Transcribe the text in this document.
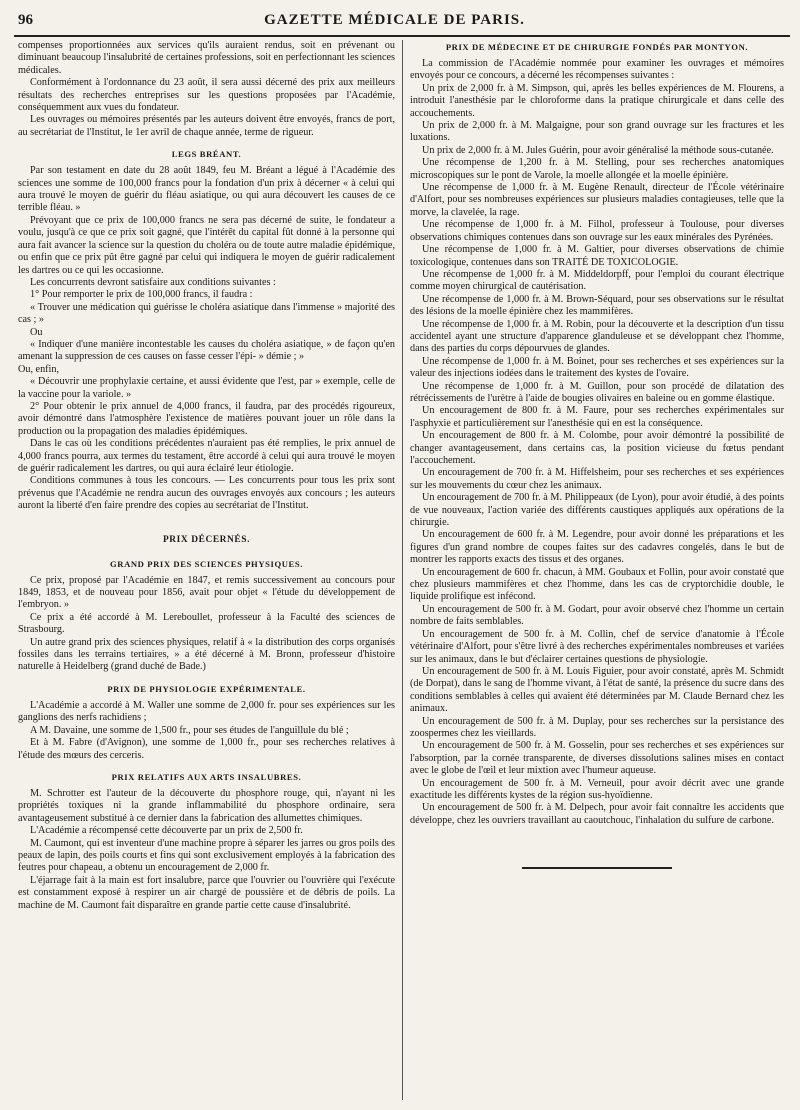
96	GAZETTE MÉDICALE DE PARIS.

compenses proportionnées aux services qu'ils auraient rendus, soit en prévenant ou diminuant beaucoup l'insalubrité de certaines professions, soit en perfectionnant les sciences médicales.

Conformément à l'ordonnance du 23 août, il sera aussi décerné des prix aux meilleurs résultats des recherches entreprises sur les questions proposées par l'Académie, conséquemment aux vues du fondateur.

Les ouvrages ou mémoires présentés par les auteurs doivent être envoyés, francs de port, au secrétariat de l'Institut, le 1er avril de chaque année, terme de rigueur.

LEGS BRÉANT.

Par son testament en date du 28 août 1849, feu M. Bréant a légué à l'Académie des sciences une somme de 100,000 francs pour la fondation d'un prix à décerner « à celui qui aura trouvé le moyen de guérir du fléau asiatique, ou qui aura découvert les causes de ce terrible fléau. »

Prévoyant que ce prix de 100,000 francs ne sera pas décerné de suite, le fondateur a voulu, jusqu'à ce que ce prix soit gagné, que l'intérêt du capital fût donné à la personne qui aura fait avancer la science sur la question du choléra ou de toute autre maladie épidémique, ou enfin que ce prix pût être gagné par celui qui indiquera le moyen de guérir radicalement les dartres ou ce qui les occasionne.

Les concurrents devront satisfaire aux conditions suivantes :

1° Pour remporter le prix de 100,000 francs, il faudra :

« Trouver une médication qui guérisse le choléra asiatique dans l'immense » majorité des cas ; »

Ou

« Indiquer d'une manière incontestable les causes du choléra asiatique, » de façon qu'en amenant la suppression de ces causes on fasse cesser l'épi- » démie ; »

Ou, enfin,

« Découvrir une prophylaxie certaine, et aussi évidente que l'est, par » exemple, celle de la vaccine pour la variole. »

2° Pour obtenir le prix annuel de 4,000 francs, il faudra, par des procédés rigoureux, avoir démontré dans l'atmosphère l'existence de matières pouvant jouer un rôle dans la production ou la propagation des maladies épidémiques.

Dans le cas où les conditions précédentes n'auraient pas été remplies, le prix annuel de 4,000 francs pourra, aux termes du testament, être accordé à celui qui aura trouvé le moyen de guérir radicalement les dartres, ou qui aura éclairé leur étiologie.

Conditions communes à tous les concours. — Les concurrents pour tous les prix sont prévenus que l'Académie ne rendra aucun des ouvrages envoyés aux concours ; les auteurs auront la liberté d'en faire prendre des copies au secrétariat de l'Institut.

PRIX DÉCERNÉS.
GRAND PRIX DES SCIENCES PHYSIQUES.

Ce prix, proposé par l'Académie en 1847, et remis successivement au concours pour 1849, 1853, et de nouveau pour 1856, avait pour objet « l'étude du développement de l'embryon. »

Ce prix a été accordé à M. Lereboullet, professeur à la Faculté des sciences de Strasbourg.

Un autre grand prix des sciences physiques, relatif à « la distribution des corps organisés fossiles dans les terrains tertiaires, » a été décerné à M. Bronn, professeur d'histoire naturelle à Heidelberg (grand duché de Bade.)

PRIX DE PHYSIOLOGIE EXPÉRIMENTALE.

L'Académie a accordé à M. Waller une somme de 2,000 fr. pour ses expériences sur les ganglions des nerfs rachidiens ;

A M. Davaine, une somme de 1,500 fr., pour ses études de l'anguillule du blé ;

Et à M. Fabre (d'Avignon), une somme de 1,000 fr., pour ses recherches relatives à l'étude des mœurs des cerceris.

PRIX RELATIFS AUX ARTS INSALUBRES.

M. Schrotter est l'auteur de la découverte du phosphore rouge, qui, n'ayant ni les propriétés toxiques ni la grande inflammabilité du phosphore ordinaire, sera avantageusement substitué à ce dernier dans la fabrication des allumettes chimiques.

L'Académie a récompensé cette découverte par un prix de 2,500 fr.

M. Caumont, qui est inventeur d'une machine propre à séparer les jarres ou gros poils des peaux de lapin, des poils courts et fins qui sont exclusivement employés à la fabrication des feutres pour chapeau, a obtenu un encouragement de 2,000 fr.

L'éjarrage fait à la main est fort insalubre, parce que l'ouvrier ou l'ouvrière qui l'exécute est constamment exposé à respirer un air chargé de poussière et de débris de poils. La machine de M. Caumont fait disparaître en grande partie cette cause d'insalubrité.

PRIX DE MÉDECINE ET DE CHIRURGIE FONDÉS PAR MONTYON.

La commission de l'Académie nommée pour examiner les ouvrages et mémoires envoyés pour ce concours, a décerné les récompenses suivantes :

Un prix de 2,000 fr. à M. Simpson, qui, après les belles expériences de M. Flourens, a introduit l'anesthésie par le chloroforme dans la pratique chirurgicale et dans celle des accouchements.

Un prix de 2,000 fr. à M. Malgaigne, pour son grand ouvrage sur les fractures et les luxations.

Un prix de 2,000 fr. à M. Jules Guérin, pour avoir généralisé la méthode sous-cutanée.

Une récompense de 1,200 fr. à M. Stelling, pour ses recherches anatomiques microscopiques sur le pont de Varole, la moelle allongée et la moelle épinière.

Une récompense de 1,000 fr. à M. Eugène Renault, directeur de l'École vétérinaire d'Alfort, pour ses nombreuses expériences sur plusieurs maladies contagieuses, telle que la morve, la clavelée, la rage.

Une récompense de 1,000 fr. à M. Filhol, professeur à Toulouse, pour diverses observations chimiques contenues dans son ouvrage sur les eaux minérales des Pyrénées.

Une récompense de 1,000 fr. à M. Galtier, pour diverses observations de chimie toxicologique, contenues dans son TRAITÉ DE TOXICOLOGIE.

Une récompense de 1,000 fr. à M. Middeldorpff, pour l'emploi du courant électrique comme moyen chirurgical de cautérisation.

Une récompense de 1,000 fr. à M. Brown-Séquard, pour ses observations sur le résultat des lésions de la moelle épinière chez les mammifères.

Une récompense de 1,000 fr. à M. Robin, pour la découverte et la description d'un tissu accidentel ayant une structure d'apparence glanduleuse et se développant chez l'homme, dans des parties du corps dépourvues de glandes.

Une récompense de 1,000 fr. à M. Boinet, pour ses recherches et ses expériences sur la valeur des injections iodées dans le traitement des kystes de l'ovaire.

Une récompense de 1,000 fr. à M. Guillon, pour son procédé de dilatation des rétrécissements de l'urètre à l'aide de bougies olivaires en baleine ou en gomme élastique.

Un encouragement de 800 fr. à M. Faure, pour ses recherches expérimentales sur l'asphyxie et particulièrement sur l'anesthésie qui en est la conséquence.

Un encouragement de 800 fr. à M. Colombe, pour avoir démontré la possibilité de changer avantageusement, dans certains cas, la position vicieuse du fœtus pendant l'accouchement.

Un encouragement de 700 fr. à M. Hiffelsheim, pour ses recherches et ses expériences sur les mouvements du cœur chez les animaux.

Un encouragement de 700 fr. à M. Philippeaux (de Lyon), pour avoir étudié, à des points de vue nouveaux, l'action variée des différents caustiques appliqués aux opérations de la chirurgie.

Un encouragement de 600 fr. à M. Legendre, pour avoir donné les préparations et les figures d'un grand nombre de coupes faites sur des cadavres congelés, dans le but de montrer les rapports exacts des tissus et des organes.

Un encouragement de 600 fr. chacun, à MM. Goubaux et Follin, pour avoir constaté que chez plusieurs mammifères et chez l'homme, dans les cas de cryptorchidie double, le liquide prolifique est infécond.

Un encouragement de 500 fr. à M. Godart, pour avoir observé chez l'homme un certain nombre de faits semblables.

Un encouragement de 500 fr. à M. Collin, chef de service d'anatomie à l'École vétérinaire d'Alfort, pour s'être livré à des recherches expérimentales nombreuses et variées sur les animaux, dans le but d'éclairer certaines questions de physiologie.

Un encouragement de 500 fr. à M. Louis Figuier, pour avoir constaté, après M. Schmidt (de Dorpat), dans le sang de l'homme vivant, à l'état de santé, la présence du sucre dans des conditions semblables à celles qui avaient été déterminées par M. Claude Bernard chez les animaux.

Un encouragement de 500 fr. à M. Duplay, pour ses recherches sur la persistance des zoospermes chez les vieillards.

Un encouragement de 500 fr. à M. Gosselin, pour ses recherches et ses expériences sur l'absorption, par la cornée transparente, de diverses dissolutions salines mises en contact avec le globe de l'œil et leur mixtion avec l'humeur aqueuse.

Un encouragement de 500 fr. à M. Verneuil, pour avoir décrit avec une grande exactitude les différents kystes de la région sus-hyoïdienne.

Un encouragement de 500 fr. à M. Delpech, pour avoir fait connaître les accidents que développe, chez les ouvriers travaillant au caoutchouc, l'inhalation du sulfure de carbone.
